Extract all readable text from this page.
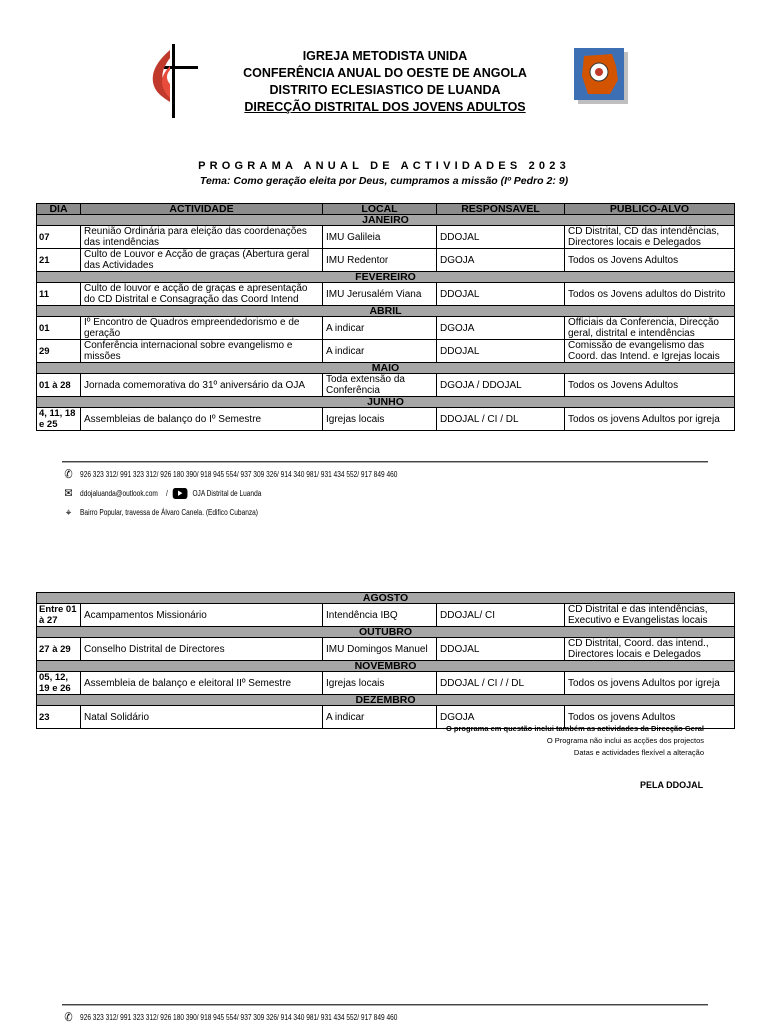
IGREJA METODISTA UNIDA
CONFERÊNCIA ANUAL DO OESTE DE ANGOLA
DISTRITO ECLESIASTICO DE LUANDA
DIRECÇÃO DISTRITAL DOS JOVENS ADULTOS
PROGRAMA ANUAL DE ACTIVIDADES 2023
Tema: Como geração eleita por Deus, cumpramos a missão (Iº Pedro 2: 9)
DIA	ACTIVIDADE	LOCAL	RESPONSAVEL	PUBLICO-ALVO
JANEIRO				
07	Reunião Ordinária para eleição das coordenações das intendências	IMU Galileia	DDOJAL	CD Distrital, CD das intendências, Directores locais e Delegados
21	Culto de Louvor e Acção de graças (Abertura geral das Actividades	IMU Redentor	DGOJA	Todos os Jovens Adultos
FEVEREIRO				
11	Culto de louvor e acção de graças e apresentação do CD Distrital e Consagração das Coord Intend	IMU Jerusalém Viana	DDOJAL	Todos os Jovens adultos do Distrito
ABRIL				
01	Iº Encontro de Quadros empreendedorismo e de geração	A indicar	DGOJA	Officiais da Conferencia, Direcção geral, distrital e intendências
29	Conferência internacional sobre evangelismo e missões	A indicar	DDOJAL	Comissão de evangelismo das Coord. das Intend. e Igrejas locais
MAIO				
01 à 28	Jornada comemorativa do 31º aniversário da OJA	Toda extensão da Conferência	DGOJA / DDOJAL	Todos os Jovens Adultos
JUNHO				
4, 11, 18 e 25	Assembleias de balanço do Iº Semestre	Igrejas locais	DDOJAL / CI / DL	Todos os jovens Adultos por igreja
✆ 926 323 312/ 991 323 312/ 926 180 390/ 918 945 554/ 937 309 326/ 914 340 981/ 931 434 552/ 917 849 460
✉ ddojaluanda@outlook.com /	▶	OJA Distrital de Luanda
⌖	Bairro Popular, travessa de Álvaro Canela. (Edifico Cubanza)
AGOSTO				
Entre 01 à 27	Acampamentos Missionário	Intendência IBQ	DDOJAL/ CI	CD Distrital e das intendências, Executivo e Evangelistas locais
OUTUBRO				
27 à 29	Conselho Distrital de Directores	IMU Domingos Manuel	DDOJAL	CD Distrital, Coord. das intend., Directores locais e Delegados
NOVEMBRO				
05, 12, 19 e 26	Assembleia de balanço e eleitoral IIº Semestre	Igrejas locais	DDOJAL / CI / / DL	Todos os jovens Adultos por igreja
DEZEMBRO				
23	Natal Solidário	A indicar	DGOJA	Todos os jovens Adultos
O programa em questão inclui também as actividades da Direcção Geral
O Programa não inclui as acções dos projectos
Datas e actividades flexível a alteração
PELA DDOJAL
✆ 926 323 312/ 991 323 312/ 926 180 390/ 918 945 554/ 937 309 326/ 914 340 981/ 931 434 552/ 917 849 460
